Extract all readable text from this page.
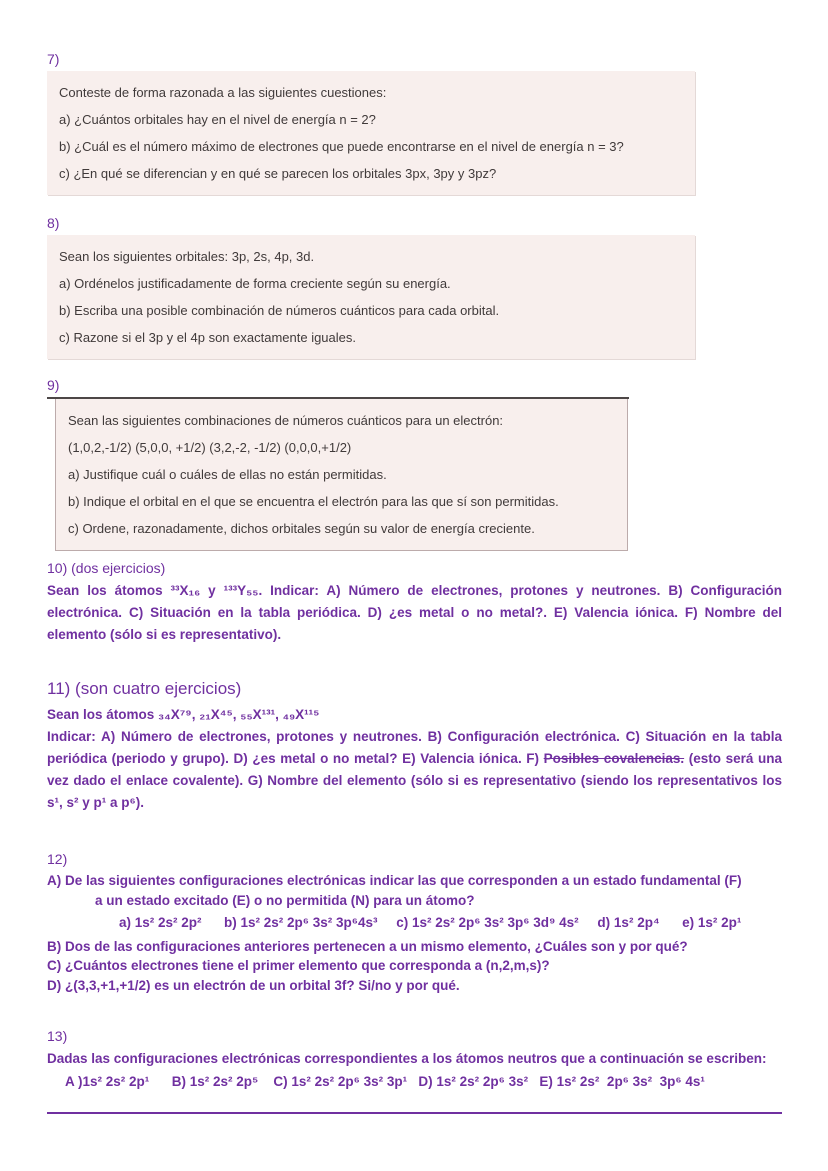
7)

Conteste de forma razonada a las siguientes cuestiones:

a) ¿Cuántos orbitales hay en el nivel de energía n = 2?

b) ¿Cuál es el número máximo de electrones que puede encontrarse en el nivel de energía n = 3?

c) ¿En qué se diferencian y en qué se parecen los orbitales 3px, 3py y 3pz?

8)

Sean los siguientes orbitales: 3p, 2s, 4p, 3d.

a) Ordénelos justificadamente de forma creciente según su energía.

b) Escriba una posible combinación de números cuánticos para cada orbital.

c) Razone si el 3p y el 4p son exactamente iguales.

9)

Sean las siguientes combinaciones de números cuánticos para un electrón:

(1,0,2,-1/2) (5,0,0, +1/2) (3,2,-2, -1/2) (0,0,0,+1/2)

a) Justifique cuál o cuáles de ellas no están permitidas.

b) Indique el orbital en el que se encuentra el electrón para las que sí son permitidas.

c) Ordene, razonadamente, dichos orbitales según su valor de energía creciente.

10) (dos ejercicios)

Sean los átomos ³³X₁₆ y ¹³³Y₅₅. Indicar: A) Número de electrones, protones y neutrones. B) Configuración electrónica. C) Situación en la tabla periódica. D) ¿es metal o no metal?. E) Valencia iónica. F) Nombre del elemento (sólo si es representativo).

11) (son cuatro ejercicios)

Sean los átomos ₃₄X⁷⁹, ₂₁X⁴⁵, ₅₅X¹³¹, ₄₉X¹¹⁵

Indicar: A) Número de electrones, protones y neutrones. B) Configuración electrónica. C) Situación en la tabla periódica (periodo y grupo). D) ¿es metal o no metal? E) Valencia iónica. F) Posibles covalencias. (esto será una vez dado el enlace covalente). G) Nombre del elemento (sólo si es representativo (siendo los representativos los s¹, s² y p¹ a p⁶).

12)

A) De las siguientes configuraciones electrónicas indicar las que corresponden a un estado fundamental (F)

a un estado excitado (E) o no permitida (N) para un átomo?

a) 1s² 2s² 2p²      b) 1s² 2s² 2p⁶ 3s² 3p⁶4s³     c) 1s² 2s² 2p⁶ 3s² 3p⁶ 3d⁹ 4s²     d) 1s² 2p⁴      e) 1s² 2p¹

B) Dos de las configuraciones anteriores pertenecen a un mismo elemento, ¿Cuáles son y por qué?

C) ¿Cuántos electrones tiene el primer elemento que corresponda a (n,2,m,s)?

D) ¿(3,3,+1,+1/2) es un electrón de un orbital 3f? Si/no y por qué.

13)

Dadas las configuraciones electrónicas correspondientes a los átomos neutros que a continuación se escriben:

A )1s² 2s² 2p¹      B) 1s² 2s² 2p⁵    C) 1s² 2s² 2p⁶ 3s² 3p¹   D) 1s² 2s² 2p⁶ 3s²   E) 1s² 2s²  2p⁶ 3s²  3p⁶ 4s¹
